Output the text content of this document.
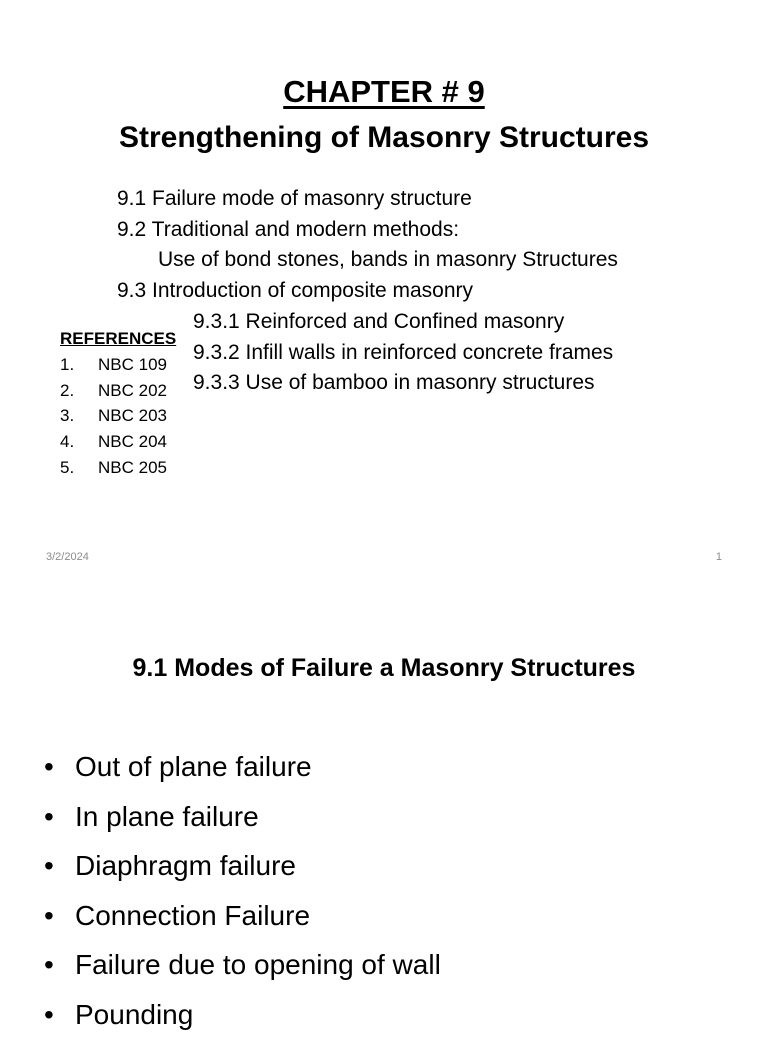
CHAPTER # 9
Strengthening of Masonry Structures
9.1 Failure mode of masonry structure
9.2 Traditional and modern methods:
Use of bond stones, bands in masonry Structures
9.3 Introduction of composite masonry
9.3.1 Reinforced and Confined masonry
9.3.2 Infill walls in reinforced concrete frames
9.3.3 Use of bamboo in masonry structures
REFERENCES
1. NBC 109
2. NBC 202
3. NBC 203
4. NBC 204
5. NBC 205
3/2/2024	1
9.1 Modes of Failure a Masonry Structures
• Out of plane failure
• In plane failure
• Diaphragm failure
• Connection Failure
• Failure due to opening of wall
• Pounding
